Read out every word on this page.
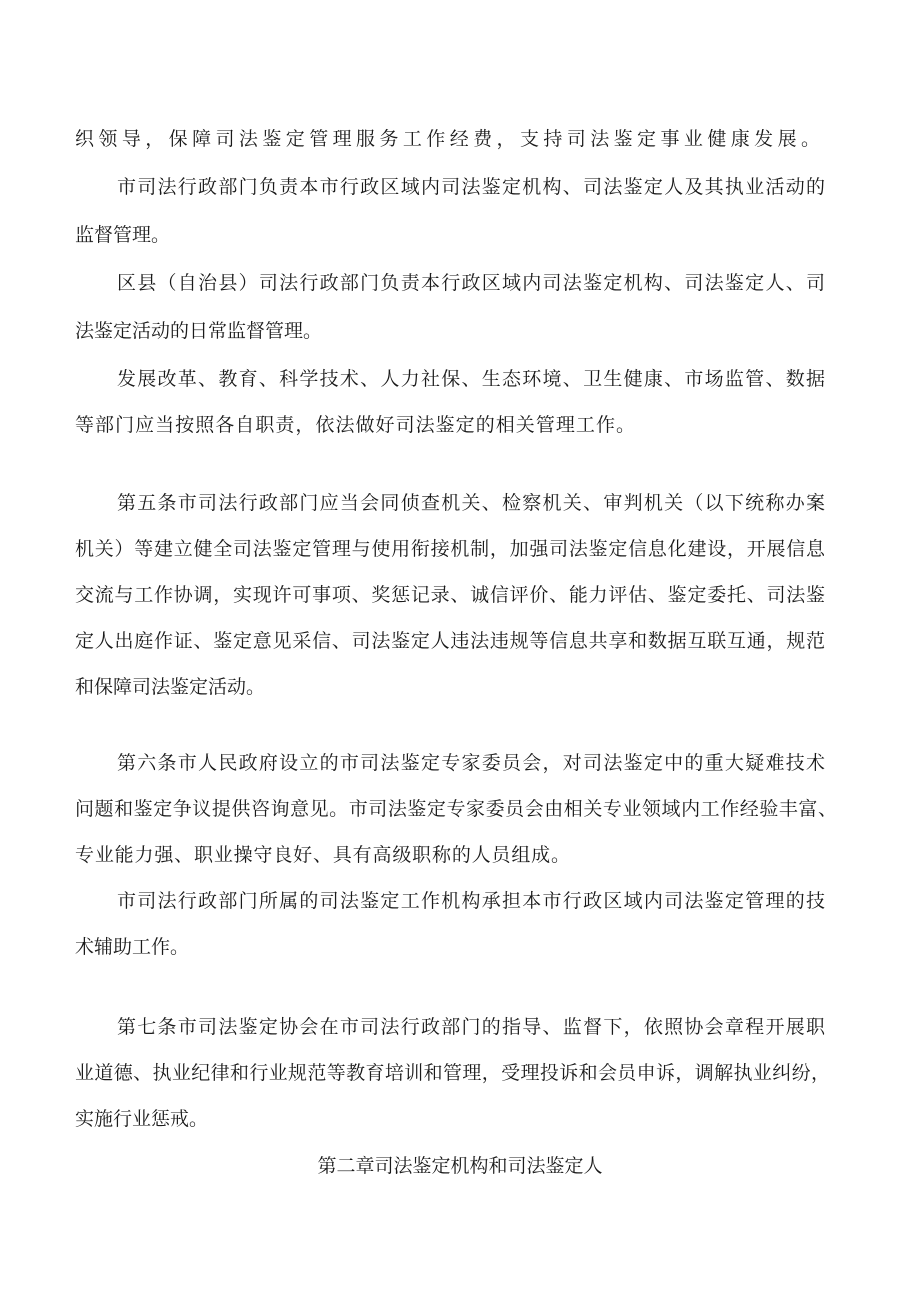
织领导，保障司法鉴定管理服务工作经费，支持司法鉴定事业健康发展。
市司法行政部门负责本市行政区域内司法鉴定机构、司法鉴定人及其执业活动的
监督管理。
区县（自治县）司法行政部门负责本行政区域内司法鉴定机构、司法鉴定人、司
法鉴定活动的日常监督管理。
发展改革、教育、科学技术、人力社保、生态环境、卫生健康、市场监管、数据
等部门应当按照各自职责，依法做好司法鉴定的相关管理工作。
第五条市司法行政部门应当会同侦查机关、检察机关、审判机关（以下统称办案
机关）等建立健全司法鉴定管理与使用衔接机制，加强司法鉴定信息化建设，开展信息
交流与工作协调，实现许可事项、奖惩记录、诚信评价、能力评估、鉴定委托、司法鉴
定人出庭作证、鉴定意见采信、司法鉴定人违法违规等信息共享和数据互联互通，规范
和保障司法鉴定活动。
第六条市人民政府设立的市司法鉴定专家委员会，对司法鉴定中的重大疑难技术
问题和鉴定争议提供咨询意见。市司法鉴定专家委员会由相关专业领域内工作经验丰富、
专业能力强、职业操守良好、具有高级职称的人员组成。
市司法行政部门所属的司法鉴定工作机构承担本市行政区域内司法鉴定管理的技
术辅助工作。
第七条市司法鉴定协会在市司法行政部门的指导、监督下，依照协会章程开展职
业道德、执业纪律和行业规范等教育培训和管理，受理投诉和会员申诉，调解执业纠纷，
实施行业惩戒。
第二章司法鉴定机构和司法鉴定人
